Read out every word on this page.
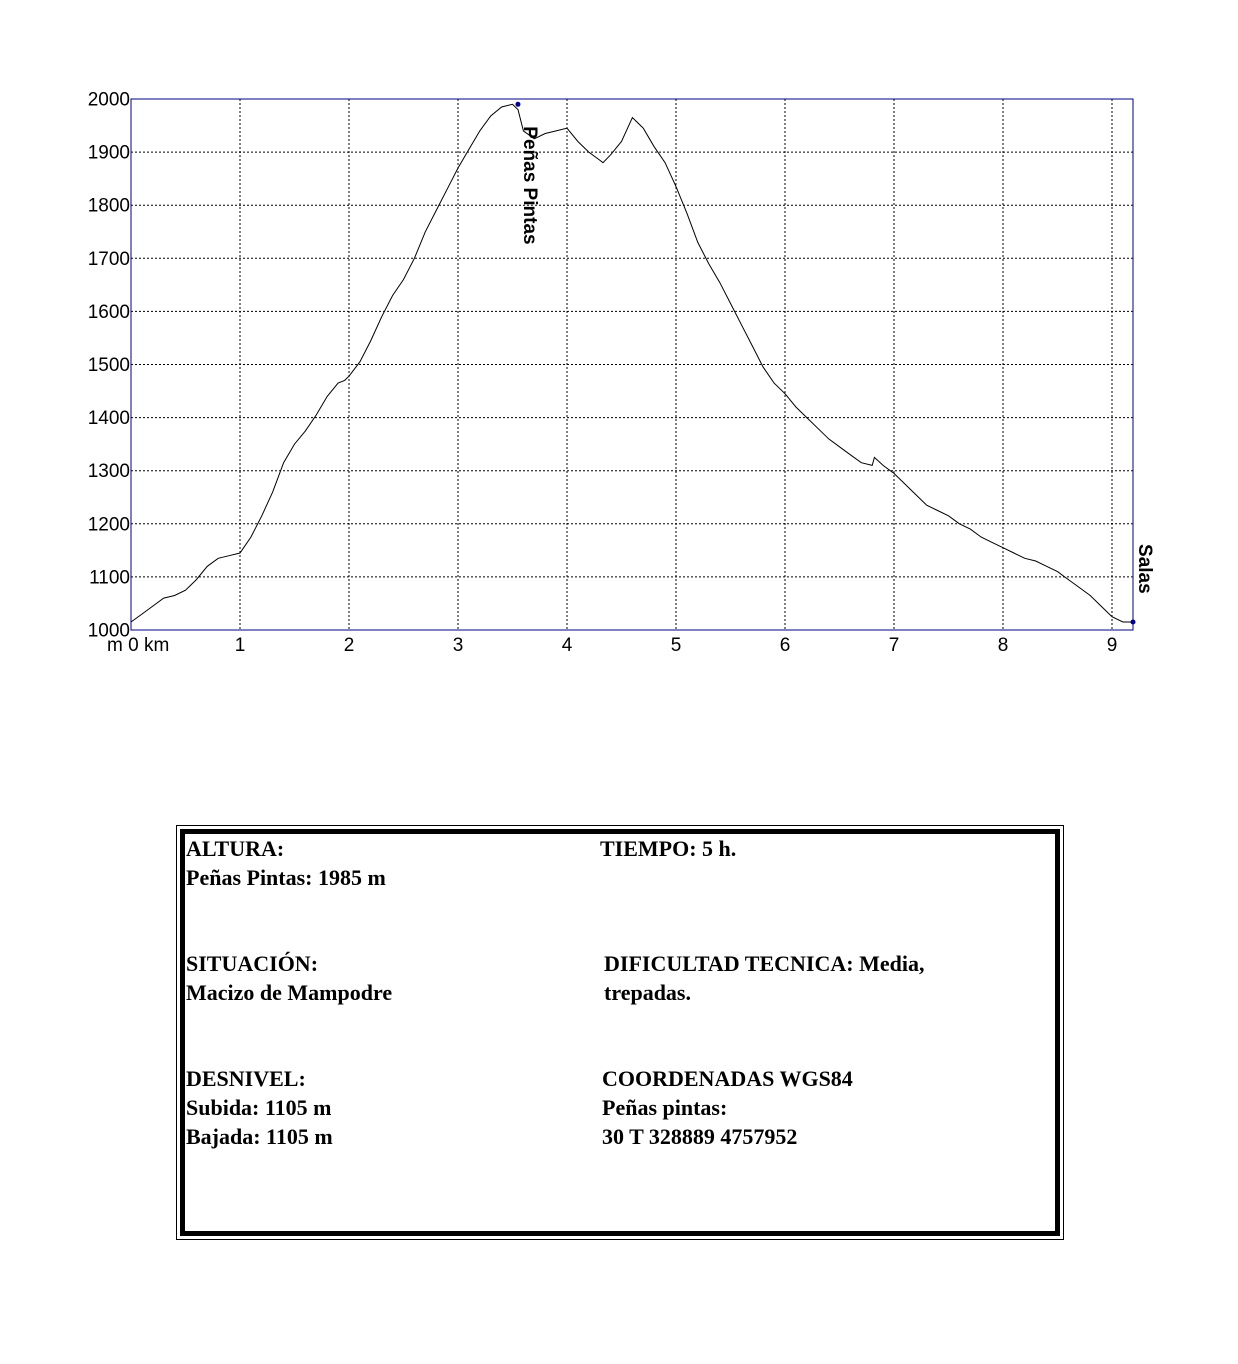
1000
1100
1200
1300
1400
1500
1600
1700
1800
1900
2000
1	2	3	4	5	6	7	8	9
m 0 km
Peñas Pintas
Salas
ALTURA:
Peñas Pintas: 1985 m
TIEMPO: 5 h.
SITUACIÓN:
Macizo de Mampodre
DIFICULTAD TECNICA: Media,
trepadas.
DESNIVEL:
Subida: 1105 m
Bajada: 1105 m
COORDENADAS WGS84
Peñas pintas:
30 T 328889 4757952
